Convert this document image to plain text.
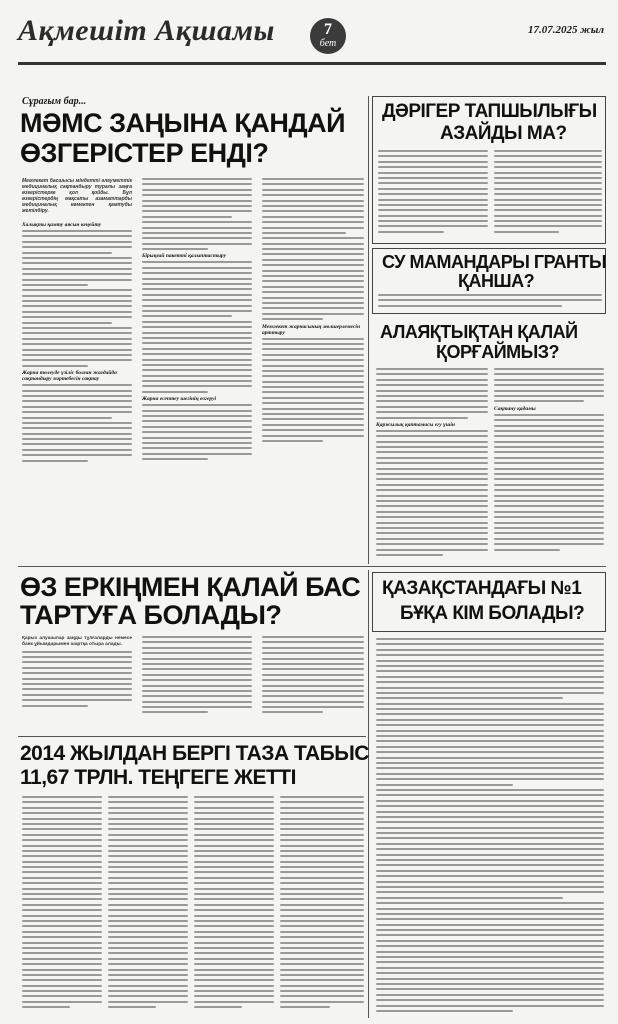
Ақмешіт Ақшамы	7
бет
17.07.2025 жыл
Сұрағым бар...
МӘМС ЗАҢЫНА ҚАНДАЙ
ӨЗГЕРІСТЕР ЕНДІ?
Мемлекет басшысы міндетті әлеуметтік медициналық сақтандыру туралы заңға өзгерістерге қол қойды. Бұл өзгерістердің мақсаты азаматтарды медициналық көмекпен қамтуды жетілдіру.
Халықты қамту аясын кеңейту
Жарна төлеуде үзіліс болған жағдайда сақтандыру мәртебесін сақтау
Бірыңғай пакетті қалыптастыру
Жарна есептеу шегінің өзгеруі
Мемлекет жарнасының мөлшерлемесін арттыру
ДӘРІГЕР ТАПШЫЛЫҒЫ
АЗАЙДЫ МА?
СУ МАМАНДАРЫ ГРАНТЫ
ҚАНША?
АЛАЯҚТЫҚТАН ҚАЛАЙ
ҚОРҒАЙМЫЗ?
Қаржылық қаптамасы егу үшін
Сақтану қадамы
ӨЗ ЕРКІҢМЕН ҚАЛАЙ БАС
ТАРТУҒА БОЛАДЫ?
Қарыз алушылар заңды тұлғаларды немесе банк ұйымдарымен шартқа отыра алады.
ҚАЗАҚСТАНДАҒЫ №1
БҰҚА КІМ БОЛАДЫ?
2014 ЖЫЛДАН БЕРГІ ТАЗА ТАБЫС
11,67 ТРЛН. ТЕҢГЕГЕ ЖЕТТІ
